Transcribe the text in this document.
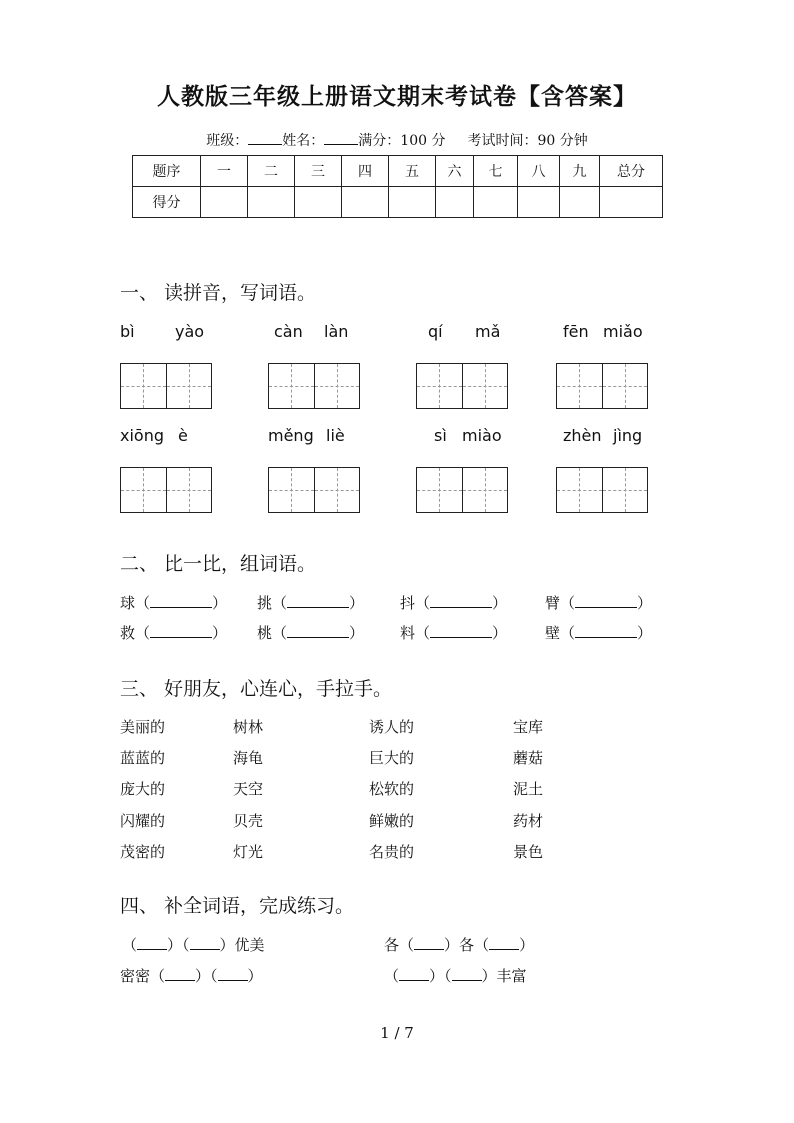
人教版三年级上册语文期末考试卷【含答案】
班级： 姓名： 满分：100 分 考试时间：90 分钟
题序	一	二	三	四	五	六	七	八	九	总分
得分										
一、 读拼音，写词语。
bì	yào	càn làn	qí mǎ	fēn miǎo
xiōng è	měng liè	sì miào	zhèn jìng
二、 比一比，组词语。
球（	） 挑（	） 抖（	）	臂（	）
救（	） 桃（	） 料（	）	壁（	）
三、 好朋友，心连心，手拉手。
美丽的	树林	诱人的	宝库
蓝蓝的	海龟	巨大的	蘑菇
庞大的	天空	松软的	泥土
闪耀的	贝壳	鲜嫩的	药材
茂密的	灯光	名贵的	景色
四、 补全词语，完成练习。
（ ）（ ）优美	各（ ）各（ ）
密密（ ）（ ）	（ ）（ ）丰富
1 / 7
